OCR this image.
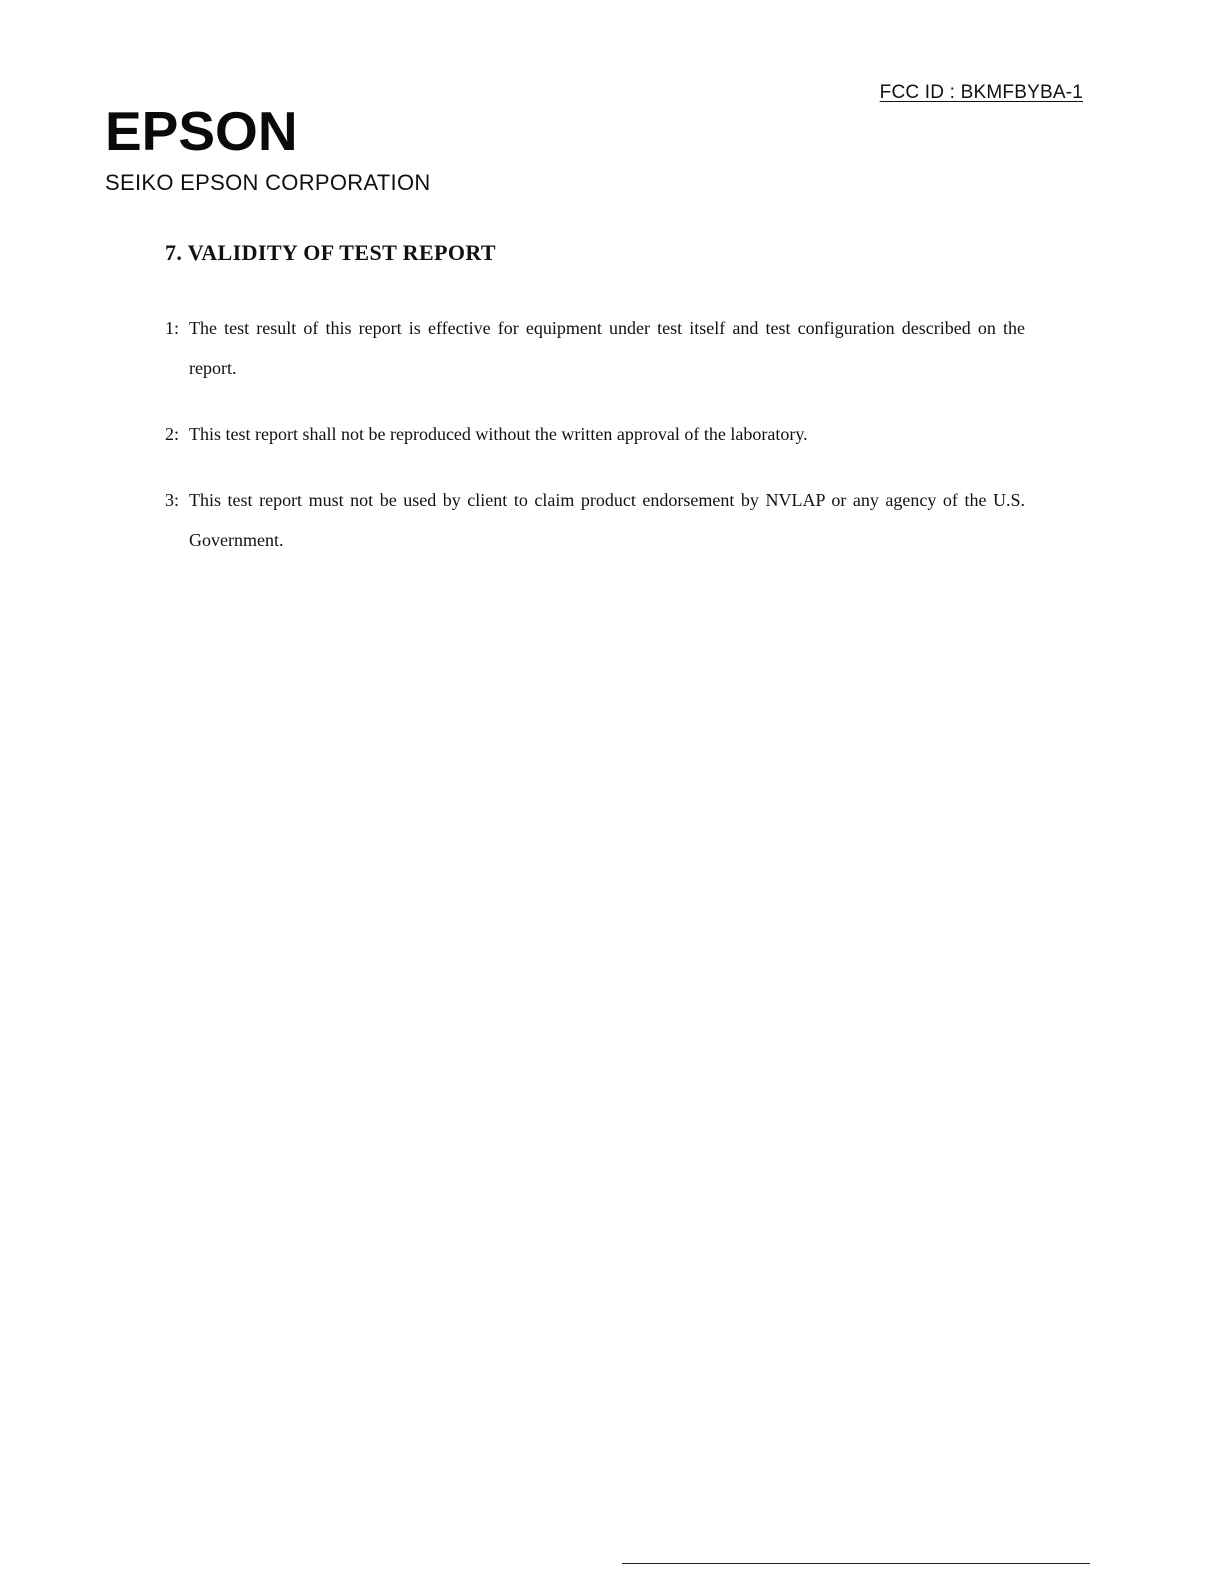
FCC ID : BKMFBYBA-1
EPSON
SEIKO EPSON CORPORATION
7. VALIDITY OF TEST REPORT
1: The test result of this report is effective for equipment under test itself and test configuration described on the report.
2: This test report shall not be reproduced without the written approval of the laboratory.
3: This test report must not be used by client to claim product endorsement by NVLAP or any agency of the U.S. Government.
